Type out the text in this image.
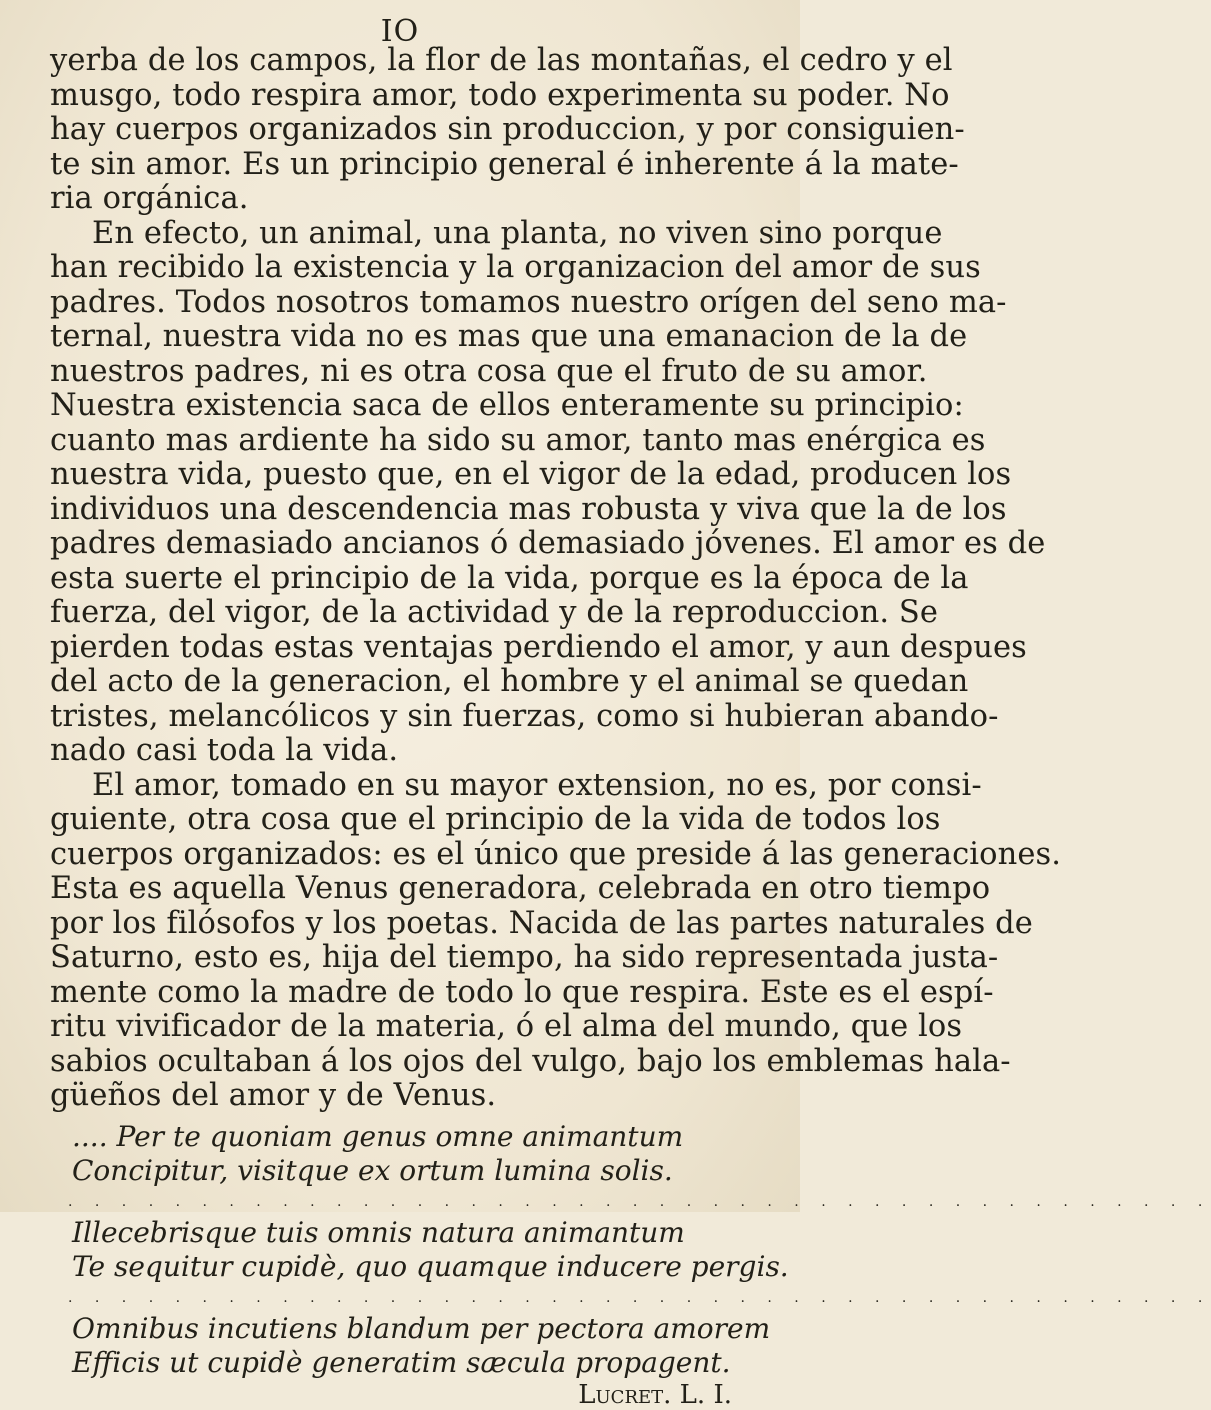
IO
yerba de los campos, la flor de las montañas, el cedro y el
musgo, todo respira amor, todo experimenta su poder. No
hay cuerpos organizados sin produccion, y por consiguien-
te sin amor. Es un principio general é inherente á la mate-
ria orgánica.
En efecto, un animal, una planta, no viven sino porque
han recibido la existencia y la organizacion del amor de sus
padres. Todos nosotros tomamos nuestro orígen del seno ma-
ternal, nuestra vida no es mas que una emanacion de la de
nuestros padres, ni es otra cosa que el fruto de su amor.
Nuestra existencia saca de ellos enteramente su principio:
cuanto mas ardiente ha sido su amor, tanto mas enérgica es
nuestra vida, puesto que, en el vigor de la edad, producen los
individuos una descendencia mas robusta y viva que la de los
padres demasiado ancianos ó demasiado jóvenes. El amor es de
esta suerte el principio de la vida, porque es la época de la
fuerza, del vigor, de la actividad y de la reproduccion. Se
pierden todas estas ventajas perdiendo el amor, y aun despues
del acto de la generacion, el hombre y el animal se quedan
tristes, melancólicos y sin fuerzas, como si hubieran abando-
nado casi toda la vida.
El amor, tomado en su mayor extension, no es, por consi-
guiente, otra cosa que el principio de la vida de todos los
cuerpos organizados: es el único que preside á las generaciones.
Esta es aquella Venus generadora, celebrada en otro tiempo
por los filósofos y los poetas. Nacida de las partes naturales de
Saturno, esto es, hija del tiempo, ha sido representada justa-
mente como la madre de todo lo que respira. Este es el espí-
ritu vivificador de la materia, ó el alma del mundo, que los
sabios ocultaban á los ojos del vulgo, bajo los emblemas hala-
güeños del amor y de Venus.
.... Per te quoniam genus omne animantum
Concipitur, visitque ex ortum lumina solis.
. . . . . . . . . . . . . . . . . . . . . . . . . . . . . . . . . . . . . . . . . . .
Illecebrisque tuis omnis natura animantum
Te sequitur cupidè, quo quamque inducere pergis.
. . . . . . . . . . . . . . . . . . . . . . . . . . . . . . . . . . . . . . . . . . .
Omnibus incutiens blandum per pectora amorem
Efficis ut cupidè generatim sæcula propagent.
Lucret. L. I.
